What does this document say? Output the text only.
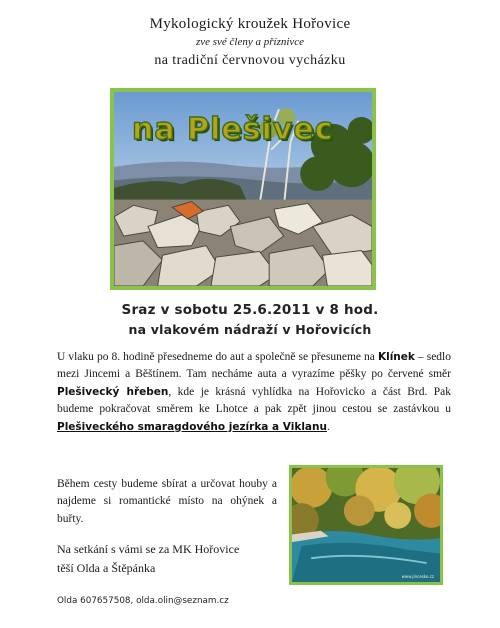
Mykologický kroužek Hořovice
zve své členy a příznivce
na tradiční červnovou vycházku
na Plešivec
Sraz v sobotu 25.6.2011 v 8 hod.
na vlakovém nádraží v Hořovicích
U vlaku po 8. hodině přesedneme do aut a společně se přesuneme na Klínek – sedlo mezi Jincemi a Běštínem. Tam necháme auta a vyrazíme pěšky po červené směr Plešivecký hřeben, kde je krásná vyhlídka na Hořovicko a část Brd. Pak budeme pokračovat směrem ke Lhotce a pak zpět jinou cestou se zastávkou u Plešiveckého smaragdového jezírka a Viklanu.
Během cesty budeme sbírat a určovat houby a najdeme si romantické místo na ohýnek a buřty.
Na setkání s vámi se za MK Hořovice
těší Olda a Štěpánka
www.jincesko.cz
Olda 607657508, olda.olin@seznam.cz
